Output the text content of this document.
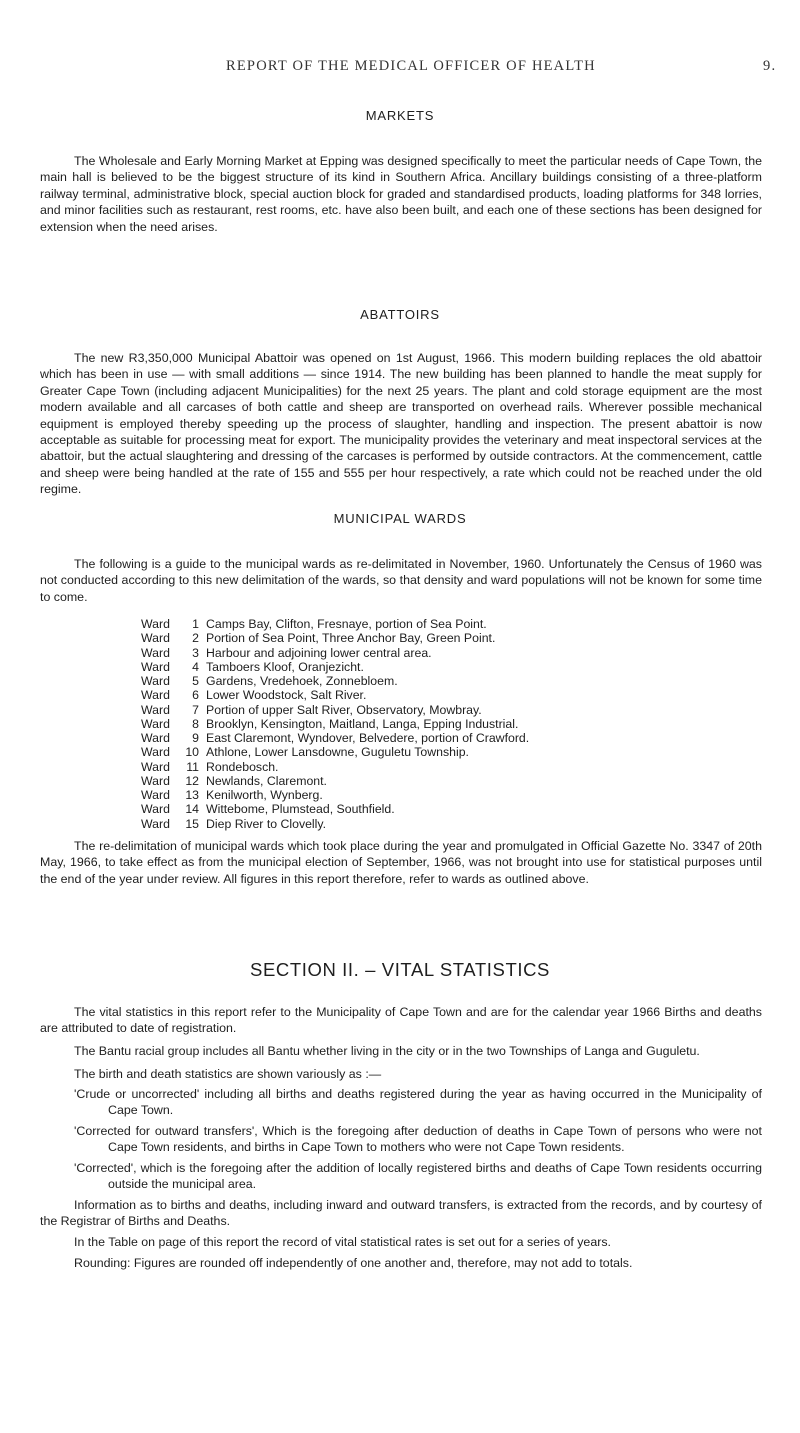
REPORT OF THE MEDICAL OFFICER OF HEALTH	9.
MARKETS

The Wholesale and Early Morning Market at Epping was designed specifically to meet the particular needs of Cape Town, the main hall is believed to be the biggest structure of its kind in Southern Africa. Ancillary buildings consisting of a three-platform railway terminal, administrative block, special auction block for graded and standardised products, loading platforms for 348 lorries, and minor facilities such as restaurant, rest rooms, etc. have also been built, and each one of these sections has been designed for extension when the need arises.

ABATTOIRS

The new R3,350,000 Municipal Abattoir was opened on 1st August, 1966. This modern building replaces the old abattoir which has been in use — with small additions — since 1914. The new building has been planned to handle the meat supply for Greater Cape Town (including adjacent Municipalities) for the next 25 years. The plant and cold storage equipment are the most modern available and all carcases of both cattle and sheep are transported on overhead rails. Wherever possible mechanical equipment is employed thereby speeding up the process of slaughter, handling and inspection. The present abattoir is now acceptable as suitable for processing meat for export. The municipality provides the veterinary and meat inspectoral services at the abattoir, but the actual slaughtering and dressing of the carcases is performed by outside contractors. At the commencement, cattle and sheep were being handled at the rate of 155 and 555 per hour respectively, a rate which could not be reached under the old regime.

MUNICIPAL WARDS

The following is a guide to the municipal wards as re-delimitated in November, 1960. Unfortunately the Census of 1960 was not conducted according to this new delimitation of the wards, so that density and ward populations will not be known for some time to come.

Ward	1 Camps Bay, Clifton, Fresnaye, portion of Sea Point.
Ward	2 Portion of Sea Point, Three Anchor Bay, Green Point.
Ward	3 Harbour and adjoining lower central area.
Ward	4 Tamboers Kloof, Oranjezicht.
Ward	5 Gardens, Vredehoek, Zonnebloem.
Ward	6 Lower Woodstock, Salt River.
Ward	7 Portion of upper Salt River, Observatory, Mowbray.
Ward	8 Brooklyn, Kensington, Maitland, Langa, Epping Industrial.
Ward	9 East Claremont, Wyndover, Belvedere, portion of Crawford.
Ward	10 Athlone, Lower Lansdowne, Guguletu Township.
Ward	11 Rondebosch.
Ward	12 Newlands, Claremont.
Ward	13 Kenilworth, Wynberg.
Ward	14 Wittebome, Plumstead, Southfield.
Ward	15 Diep River to Clovelly.

The re-delimitation of municipal wards which took place during the year and promulgated in Official Gazette No. 3347 of 20th May, 1966, to take effect as from the municipal election of September, 1966, was not brought into use for statistical purposes until the end of the year under review. All figures in this report therefore, refer to wards as outlined above.

SECTION II. – VITAL STATISTICS

The vital statistics in this report refer to the Municipality of Cape Town and are for the calendar year 1966 Births and deaths are attributed to date of registration.

The Bantu racial group includes all Bantu whether living in the city or in the two Townships of Langa and Guguletu.

The birth and death statistics are shown variously as :—

'Crude or uncorrected' including all births and deaths registered during the year as having occurred in the Municipality of Cape Town.

'Corrected for outward transfers', Which is the foregoing after deduction of deaths in Cape Town of persons who were not Cape Town residents, and births in Cape Town to mothers who were not Cape Town residents.

'Corrected', which is the foregoing after the addition of locally registered births and deaths of Cape Town residents occurring outside the municipal area.

Information as to births and deaths, including inward and outward transfers, is extracted from the records, and by courtesy of the Registrar of Births and Deaths.

In the Table on page of this report the record of vital statistical rates is set out for a series of years.

Rounding: Figures are rounded off independently of one another and, therefore, may not add to totals.
